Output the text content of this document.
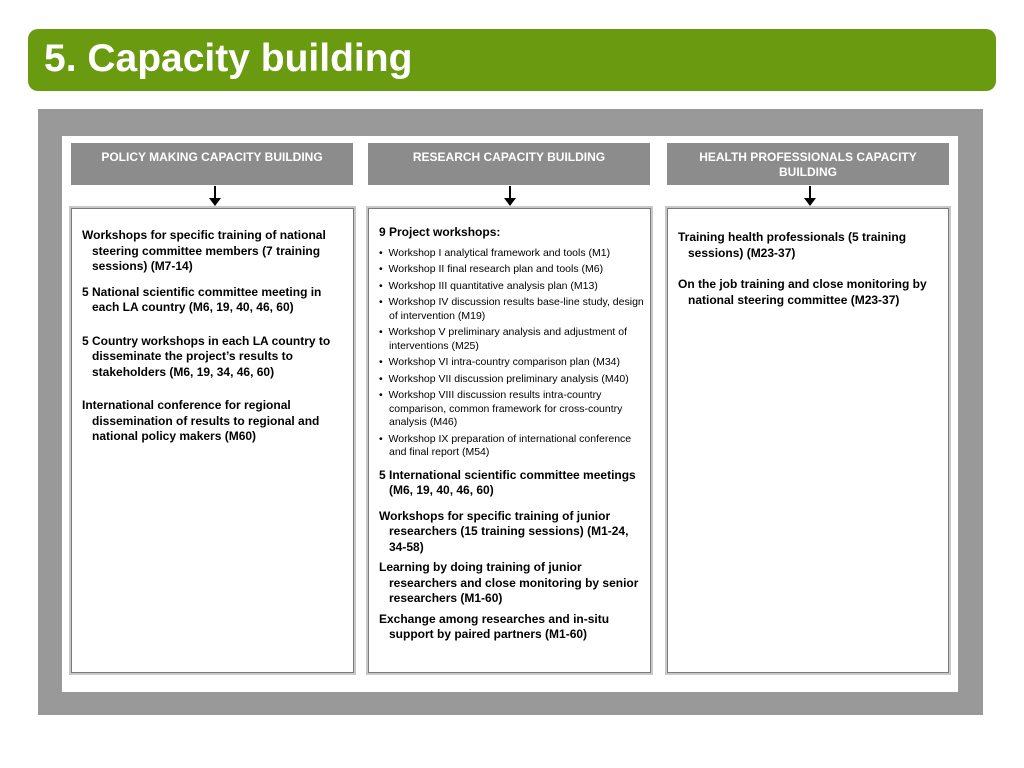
5. Capacity building
POLICY MAKING CAPACITY BUILDING	RESEARCH CAPACITY BUILDING	HEALTH PROFESSIONALS CAPACITY BUILDING
Workshops for specific training of national steering committee members (7 training sessions) (M7-14)
5 National scientific committee meeting in each LA country (M6, 19, 40, 46, 60)
5 Country workshops in each LA country to disseminate the project’s results to stakeholders (M6, 19, 34, 46, 60)
International conference for regional dissemination of results to regional and national policy makers (M60)
9 Project workshops:
•  Workshop I analytical framework and tools (M1)
•  Workshop II final research plan and tools (M6)
•  Workshop III quantitative analysis plan (M13)
•  Workshop IV discussion results base-line study, design of intervention (M19)
•  Workshop V preliminary analysis and adjustment of interventions (M25)
•  Workshop VI intra-country comparison plan (M34)
•  Workshop VII discussion preliminary analysis (M40)
•  Workshop VIII discussion results intra-country comparison, common framework for cross-country analysis (M46)
•  Workshop IX preparation of international conference and final report (M54)
5 International scientific committee meetings (M6, 19, 40, 46, 60)
Workshops for specific training of junior researchers (15 training sessions) (M1-24, 34-58)
Learning by doing training of junior researchers and close monitoring by senior researchers (M1-60)
Exchange among researches and in-situ support by paired partners (M1-60)
Training health professionals (5 training sessions) (M23-37)
On the job training and close monitoring by national steering committee (M23-37)
